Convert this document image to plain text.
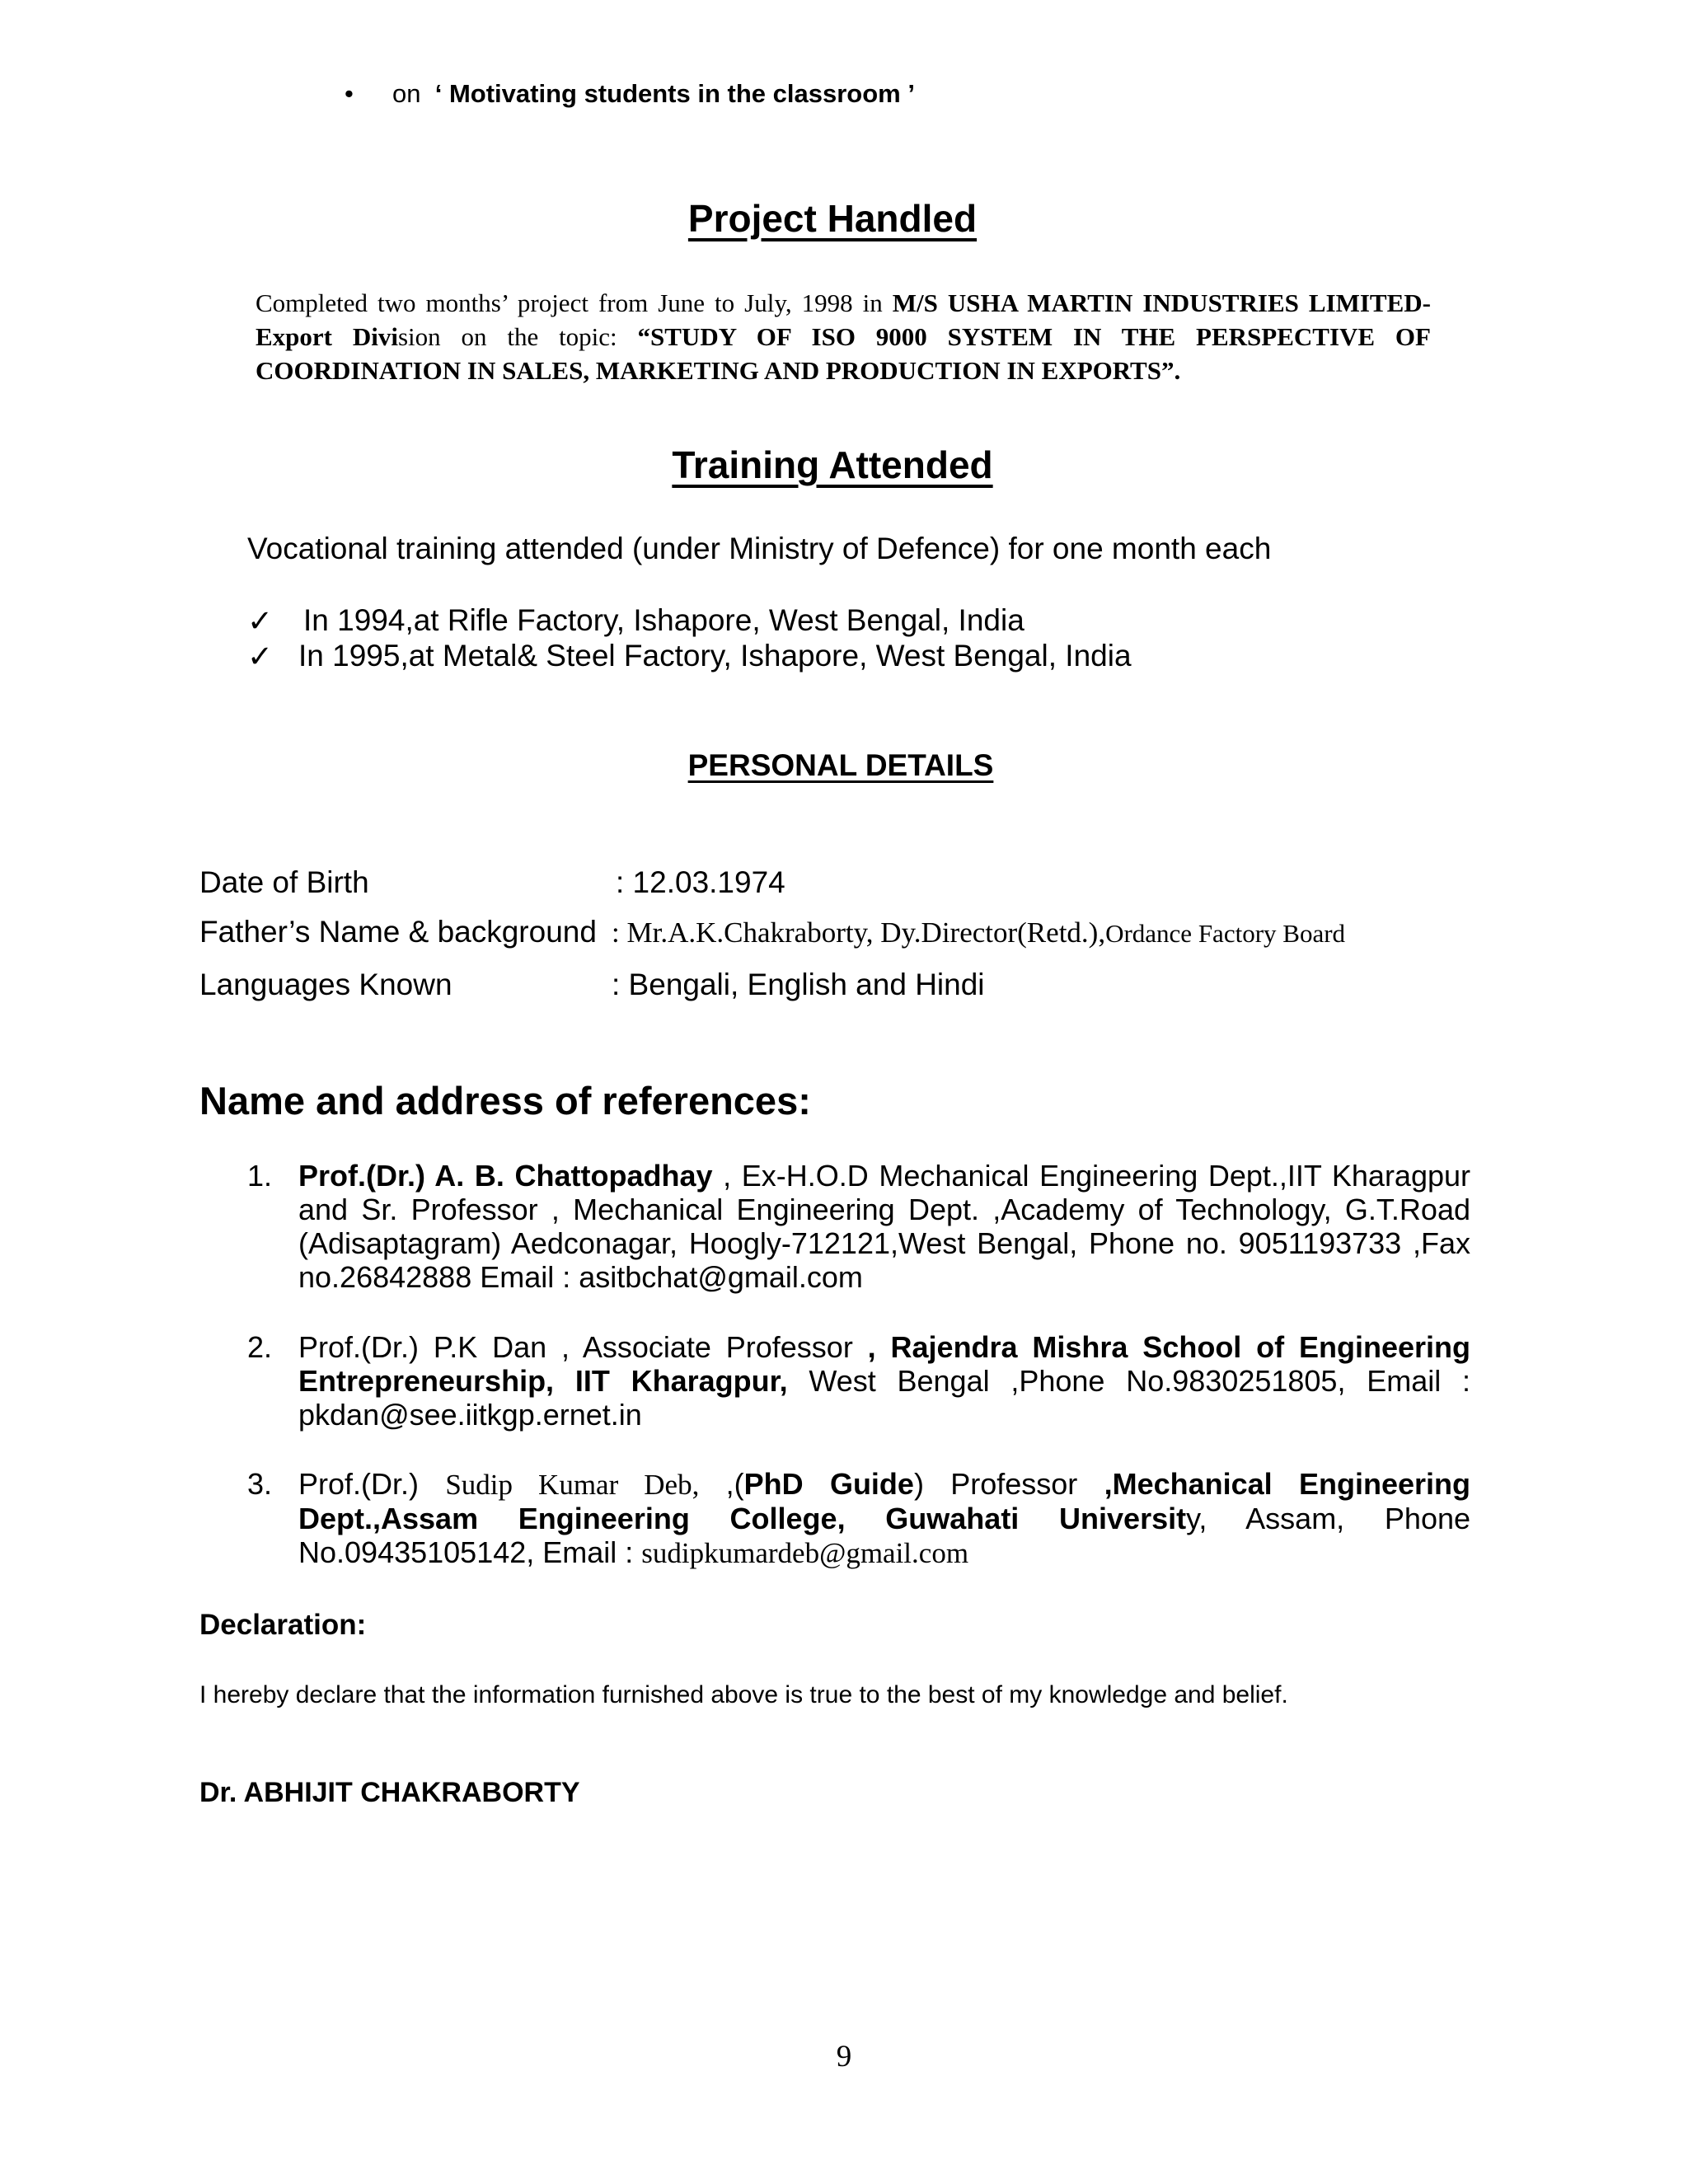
• on ‘ Motivating students in the classroom ’
Project Handled
Completed two months’ project from June to July, 1998 in M/S USHA MARTIN INDUSTRIES LIMITED- Export Division on the topic: “STUDY OF ISO 9000 SYSTEM IN THE PERSPECTIVE OF COORDINATION IN SALES, MARKETING AND PRODUCTION IN EXPORTS”.
Training Attended
Vocational training attended (under Ministry of Defence) for one month each
✓ In 1994,at Rifle Factory, Ishapore, West Bengal, India
✓ In 1995,at Metal& Steel Factory, Ishapore, West Bengal, India
PERSONAL DETAILS
Date of Birth	: 12.03.1974
Father’s Name & background : Mr.A.K.Chakraborty, Dy.Director(Retd.),Ordance Factory Board
Languages Known	: Bengali, English and Hindi
Name and address of references:
1. Prof.(Dr.) A. B. Chattopadhay , Ex-H.O.D Mechanical Engineering Dept.,IIT Kharagpur and Sr. Professor , Mechanical Engineering Dept. ,Academy of Technology, G.T.Road (Adisaptagram) Aedconagar, Hoogly-712121,West Bengal, Phone no. 9051193733 ,Fax no.26842888 Email : asitbchat@gmail.com
2. Prof.(Dr.) P.K Dan , Associate Professor , Rajendra Mishra School of Engineering Entrepreneurship, IIT Kharagpur, West Bengal ,Phone No.9830251805, Email : pkdan@see.iitkgp.ernet.in
3. Prof.(Dr.) Sudip Kumar Deb, ,(PhD Guide) Professor ,Mechanical Engineering Dept.,Assam Engineering College, Guwahati University, Assam, Phone No.09435105142, Email : sudipkumardeb@gmail.com
Declaration:
I hereby declare that the information furnished above is true to the best of my knowledge and belief.
Dr. ABHIJIT CHAKRABORTY
9
